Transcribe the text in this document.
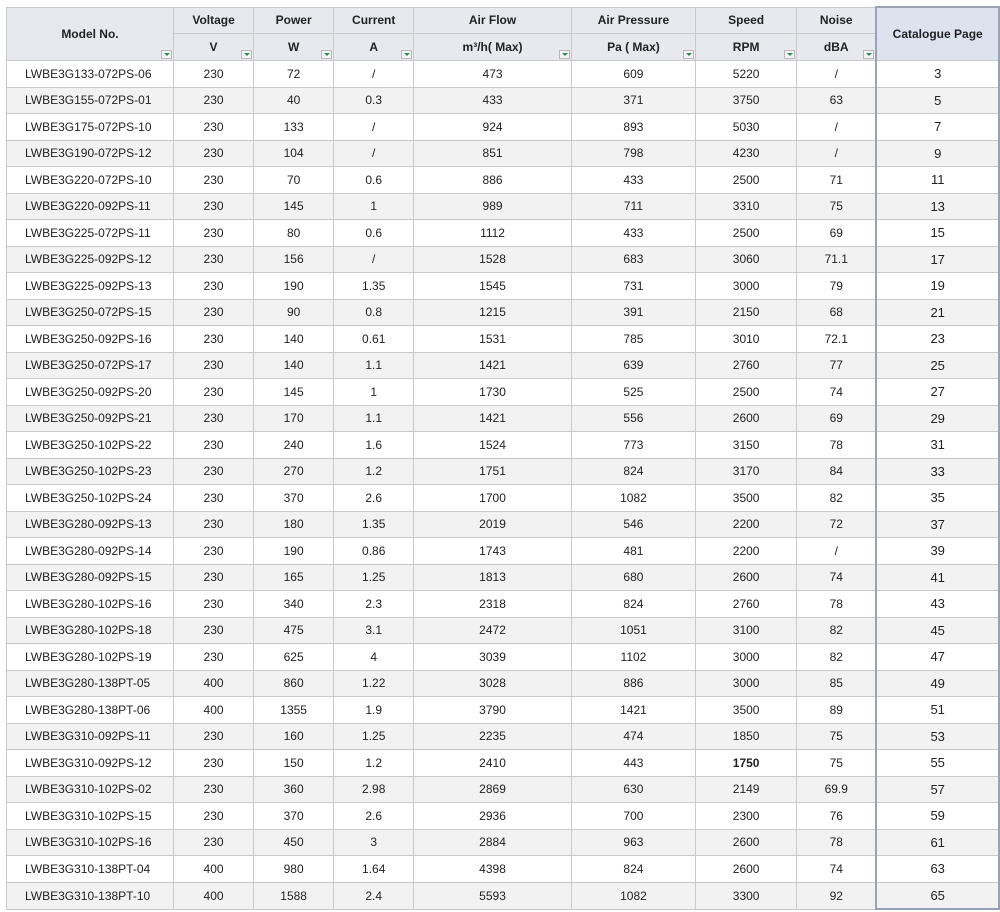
Model No.	Voltage	Power	Current	Air Flow	Air Pressure	Speed	Noise	Catalogue Page
	V	W	A	m³/h( Max)	Pa ( Max)	RPM	dBA	

LWBE3G133-072PS-06	230	72	/	473	609	5220	/	3
LWBE3G155-072PS-01	230	40	0.3	433	371	3750	63	5
LWBE3G175-072PS-10	230	133	/	924	893	5030	/	7
LWBE3G190-072PS-12	230	104	/	851	798	4230	/	9
LWBE3G220-072PS-10	230	70	0.6	886	433	2500	71	11
LWBE3G220-092PS-11	230	145	1	989	711	3310	75	13
LWBE3G225-072PS-11	230	80	0.6	1112	433	2500	69	15
LWBE3G225-092PS-12	230	156	/	1528	683	3060	71.1	17
LWBE3G225-092PS-13	230	190	1.35	1545	731	3000	79	19
LWBE3G250-072PS-15	230	90	0.8	1215	391	2150	68	21
LWBE3G250-092PS-16	230	140	0.61	1531	785	3010	72.1	23
LWBE3G250-072PS-17	230	140	1.1	1421	639	2760	77	25
LWBE3G250-092PS-20	230	145	1	1730	525	2500	74	27
LWBE3G250-092PS-21	230	170	1.1	1421	556	2600	69	29
LWBE3G250-102PS-22	230	240	1.6	1524	773	3150	78	31
LWBE3G250-102PS-23	230	270	1.2	1751	824	3170	84	33
LWBE3G250-102PS-24	230	370	2.6	1700	1082	3500	82	35
LWBE3G280-092PS-13	230	180	1.35	2019	546	2200	72	37
LWBE3G280-092PS-14	230	190	0.86	1743	481	2200	/	39
LWBE3G280-092PS-15	230	165	1.25	1813	680	2600	74	41
LWBE3G280-102PS-16	230	340	2.3	2318	824	2760	78	43
LWBE3G280-102PS-18	230	475	3.1	2472	1051	3100	82	45
LWBE3G280-102PS-19	230	625	4	3039	1102	3000	82	47
LWBE3G280-138PT-05	400	860	1.22	3028	886	3000	85	49
LWBE3G280-138PT-06	400	1355	1.9	3790	1421	3500	89	51
LWBE3G310-092PS-11	230	160	1.25	2235	474	1850	75	53
LWBE3G310-092PS-12	230	150	1.2	2410	443	1750	75	55
LWBE3G310-102PS-02	230	360	2.98	2869	630	2149	69.9	57
LWBE3G310-102PS-15	230	370	2.6	2936	700	2300	76	59
LWBE3G310-102PS-16	230	450	3	2884	963	2600	78	61
LWBE3G310-138PT-04	400	980	1.64	4398	824	2600	74	63
LWBE3G310-138PT-10	400	1588	2.4	5593	1082	3300	92	65
